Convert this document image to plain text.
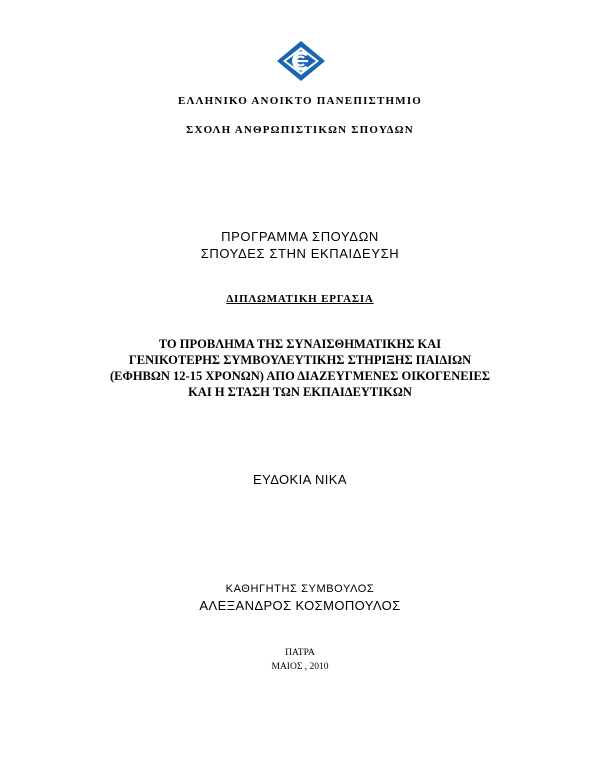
ΕΛΛΗΝΙΚΟ ΑΝΟΙΚΤΟ ΠΑΝΕΠΙΣΤΗΜΙΟ
ΣΧΟΛΗ ΑΝΘΡΩΠΙΣΤΙΚΩΝ ΣΠΟΥΔΩΝ
ΠΡΟΓΡΑΜΜΑ ΣΠΟΥΔΩΝ
ΣΠΟΥΔΕΣ ΣΤΗΝ ΕΚΠΑΙΔΕΥΣΗ
ΔΙΠΛΩΜΑΤΙΚΗ ΕΡΓΑΣΙΑ
ΤΟ ΠΡΟΒΛΗΜΑ ΤΗΣ ΣΥΝΑΙΣΘΗΜΑΤΙΚΗΣ ΚΑΙ
ΓΕΝΙΚΟΤΕΡΗΣ ΣΥΜΒΟΥΛΕΥΤΙΚΗΣ ΣΤΗΡΙΞΗΣ ΠΑΙΔΙΩΝ
(ΕΦΗΒΩΝ 12-15 ΧΡΟΝΩΝ) ΑΠΟ ΔΙΑΖΕΥΓΜΕΝΕΣ ΟΙΚΟΓΕΝΕΙΕΣ
ΚΑΙ Η ΣΤΑΣΗ ΤΩΝ ΕΚΠΑΙΔΕΥΤΙΚΩΝ
ΕΥΔΟΚΙΑ ΝΙΚΑ
ΚΑΘΗΓΗΤΗΣ ΣΥΜΒΟΥΛΟΣ
ΑΛΕΞΑΝΔΡΟΣ ΚΟΣΜΟΠΟΥΛΟΣ
ΠΑΤΡΑ
ΜΑΙΟΣ , 2010
